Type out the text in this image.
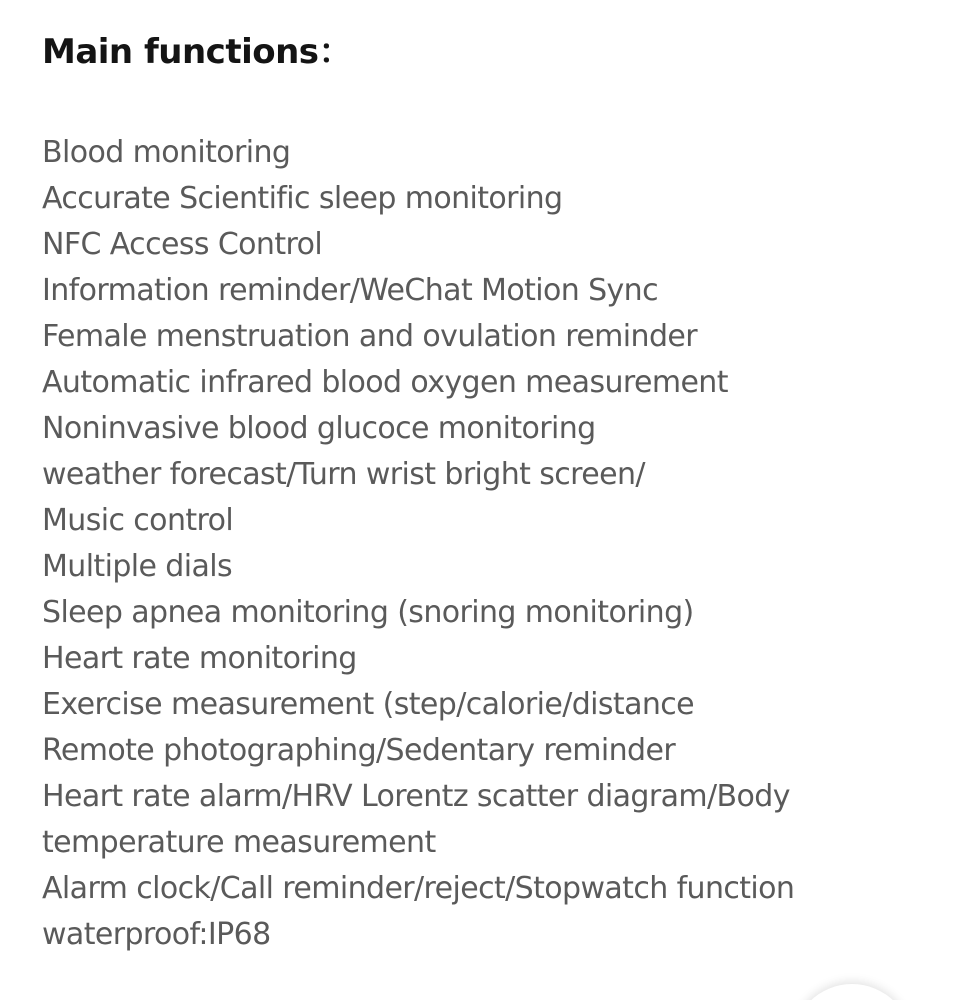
Main functions：
Blood monitoring
Accurate Scientific sleep monitoring
NFC Access Control
Information reminder/WeChat Motion Sync
Female menstruation and ovulation reminder
Automatic infrared blood oxygen measurement
Noninvasive blood glucoce monitoring
weather forecast/Turn wrist bright screen/
Music control
Multiple dials
Sleep apnea monitoring (snoring monitoring)
Heart rate monitoring
Exercise measurement (step/calorie/distance
Remote photographing/Sedentary reminder
Heart rate alarm/HRV Lorentz scatter diagram/Body
temperature measurement
Alarm clock/Call reminder/reject/Stopwatch function
waterproof:IP68
